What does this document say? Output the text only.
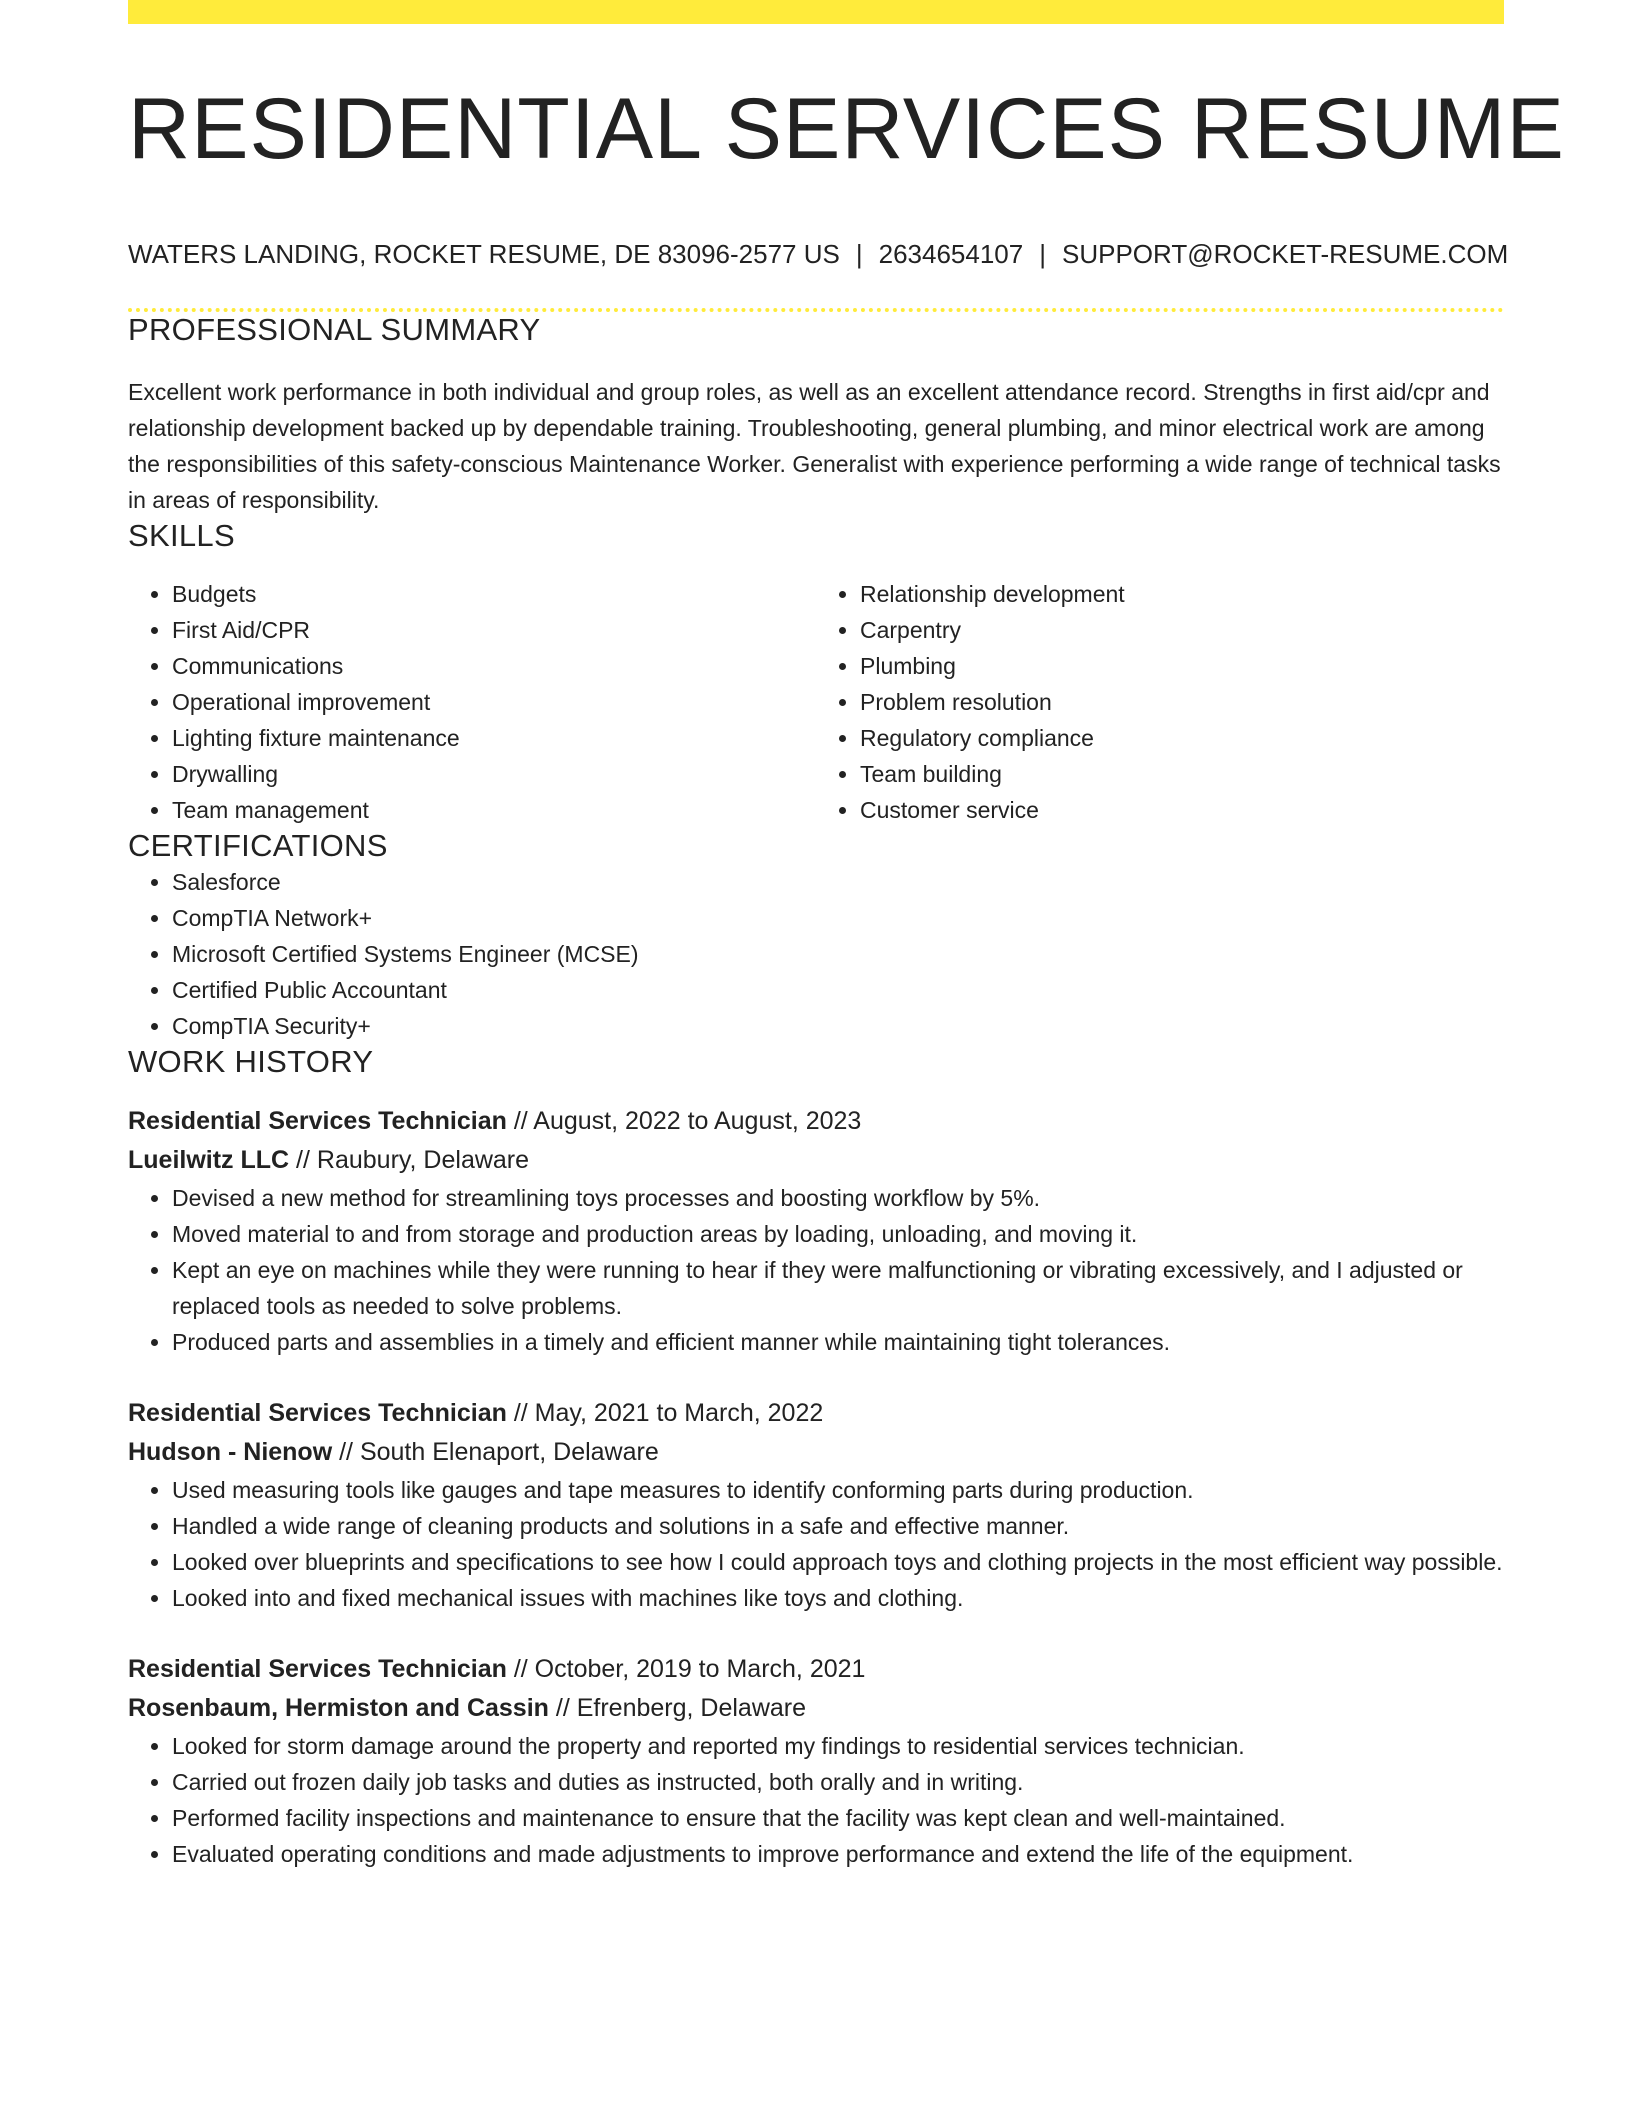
RESIDENTIAL SERVICES RESUME
WATERS LANDING, ROCKET RESUME, DE 83096-2577 US | 2634654107 | SUPPORT@ROCKET-RESUME.COM
PROFESSIONAL SUMMARY

Excellent work performance in both individual and group roles, as well as an excellent attendance record. Strengths in first aid/cpr and relationship development backed up by dependable training. Troubleshooting, general plumbing, and minor electrical work are among the responsibilities of this safety-conscious Maintenance Worker. Generalist with experience performing a wide range of technical tasks in areas of responsibility.

SKILLS
• Budgets
• First Aid/CPR
• Communications
• Operational improvement
• Lighting fixture maintenance
• Drywalling
• Team management
• Relationship development
• Carpentry
• Plumbing
• Problem resolution
• Regulatory compliance
• Team building
• Customer service
CERTIFICATIONS
• Salesforce
• CompTIA Network+
• Microsoft Certified Systems Engineer (MCSE)
• Certified Public Accountant
• CompTIA Security+
WORK HISTORY
Residential Services Technician // August, 2022 to August, 2023
Lueilwitz LLC // Raubury, Delaware
• Devised a new method for streamlining toys processes and boosting workflow by 5%.
• Moved material to and from storage and production areas by loading, unloading, and moving it.
• Kept an eye on machines while they were running to hear if they were malfunctioning or vibrating excessively, and I adjusted or replaced tools as needed to solve problems.
• Produced parts and assemblies in a timely and efficient manner while maintaining tight tolerances.
Residential Services Technician // May, 2021 to March, 2022
Hudson - Nienow // South Elenaport, Delaware
• Used measuring tools like gauges and tape measures to identify conforming parts during production.
• Handled a wide range of cleaning products and solutions in a safe and effective manner.
• Looked over blueprints and specifications to see how I could approach toys and clothing projects in the most efficient way possible.
• Looked into and fixed mechanical issues with machines like toys and clothing.
Residential Services Technician // October, 2019 to March, 2021
Rosenbaum, Hermiston and Cassin // Efrenberg, Delaware
• Looked for storm damage around the property and reported my findings to residential services technician.
• Carried out frozen daily job tasks and duties as instructed, both orally and in writing.
• Performed facility inspections and maintenance to ensure that the facility was kept clean and well-maintained.
• Evaluated operating conditions and made adjustments to improve performance and extend the life of the equipment.
